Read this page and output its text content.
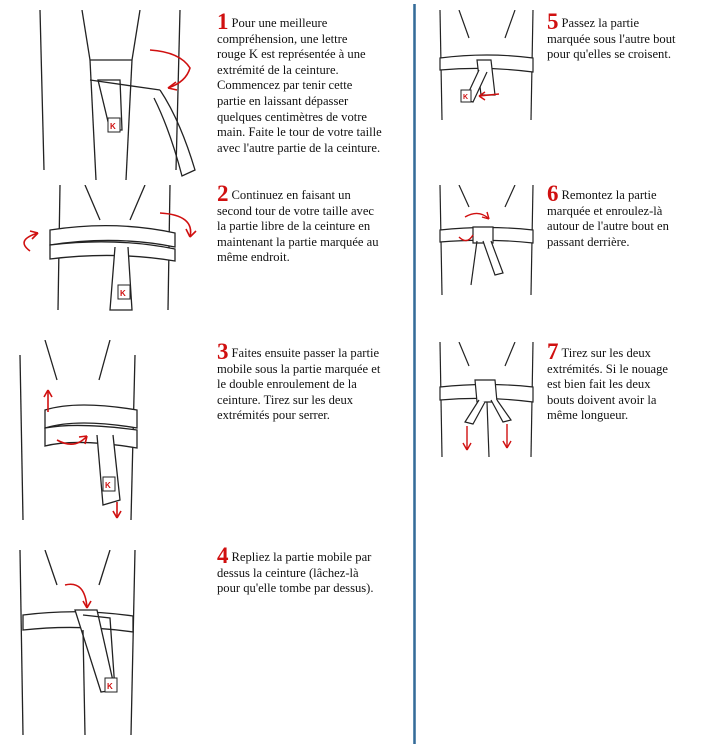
K
K
K
K
K

1 Pour une meilleure
compréhension, une lettre
rouge K est représentée à une
extrémité de la ceinture.
Commencez par tenir cette
partie en laissant dépasser
quelques centimètres de votre
main. Faite le tour de votre taille
avec l'autre partie de la ceinture.

2 Continuez en faisant un
second tour de votre taille avec
la partie libre de la ceinture en
maintenant la partie marquée au
même endroit.

3 Faites ensuite passer la partie
mobile sous la partie marquée et
le double enroulement de la
ceinture. Tirez sur les deux
extrémités pour serrer.

4 Repliez la partie mobile par
dessus la ceinture (lâchez-là
pour qu'elle tombe par dessus).

5 Passez la partie
marquée sous l'autre bout
pour qu'elles se croisent.

6 Remontez la partie
marquée et enroulez-là
autour de l'autre bout en
passant derrière.

7 Tirez sur les deux
extrémités. Si le nouage
est bien fait les deux
bouts doivent avoir la
même longueur.
